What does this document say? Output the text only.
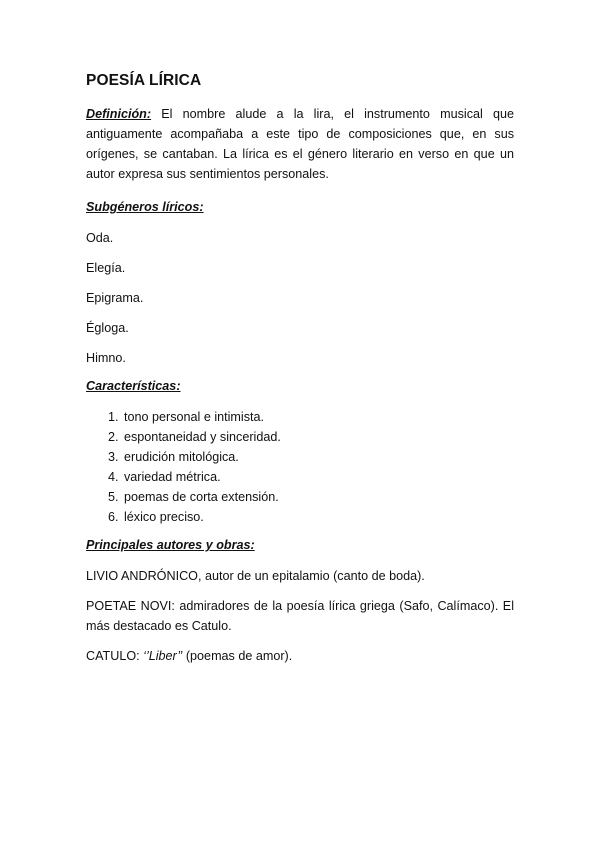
POESÍA LÍRICA

Definición: El nombre alude a la lira, el instrumento musical que antiguamente acompañaba a este tipo de composiciones que, en sus orígenes, se cantaban. La lírica es el género literario en verso en que un autor expresa sus sentimientos personales.

Subgéneros líricos:

Oda.

Elegía.

Epigrama.

Égloga.

Himno.

Características:

1. tono personal e intimista.
2. espontaneidad y sinceridad.
3. erudición mitológica.
4. variedad métrica.
5. poemas de corta extensión.
6. léxico preciso.

Principales autores y obras:

LIVIO ANDRÓNICO, autor de un epitalamio (canto de boda).

POETAE NOVI: admiradores de la poesía lírica griega (Safo, Calímaco). El más destacado es Catulo.

CATULO: ‘’Liber’’ (poemas de amor).
